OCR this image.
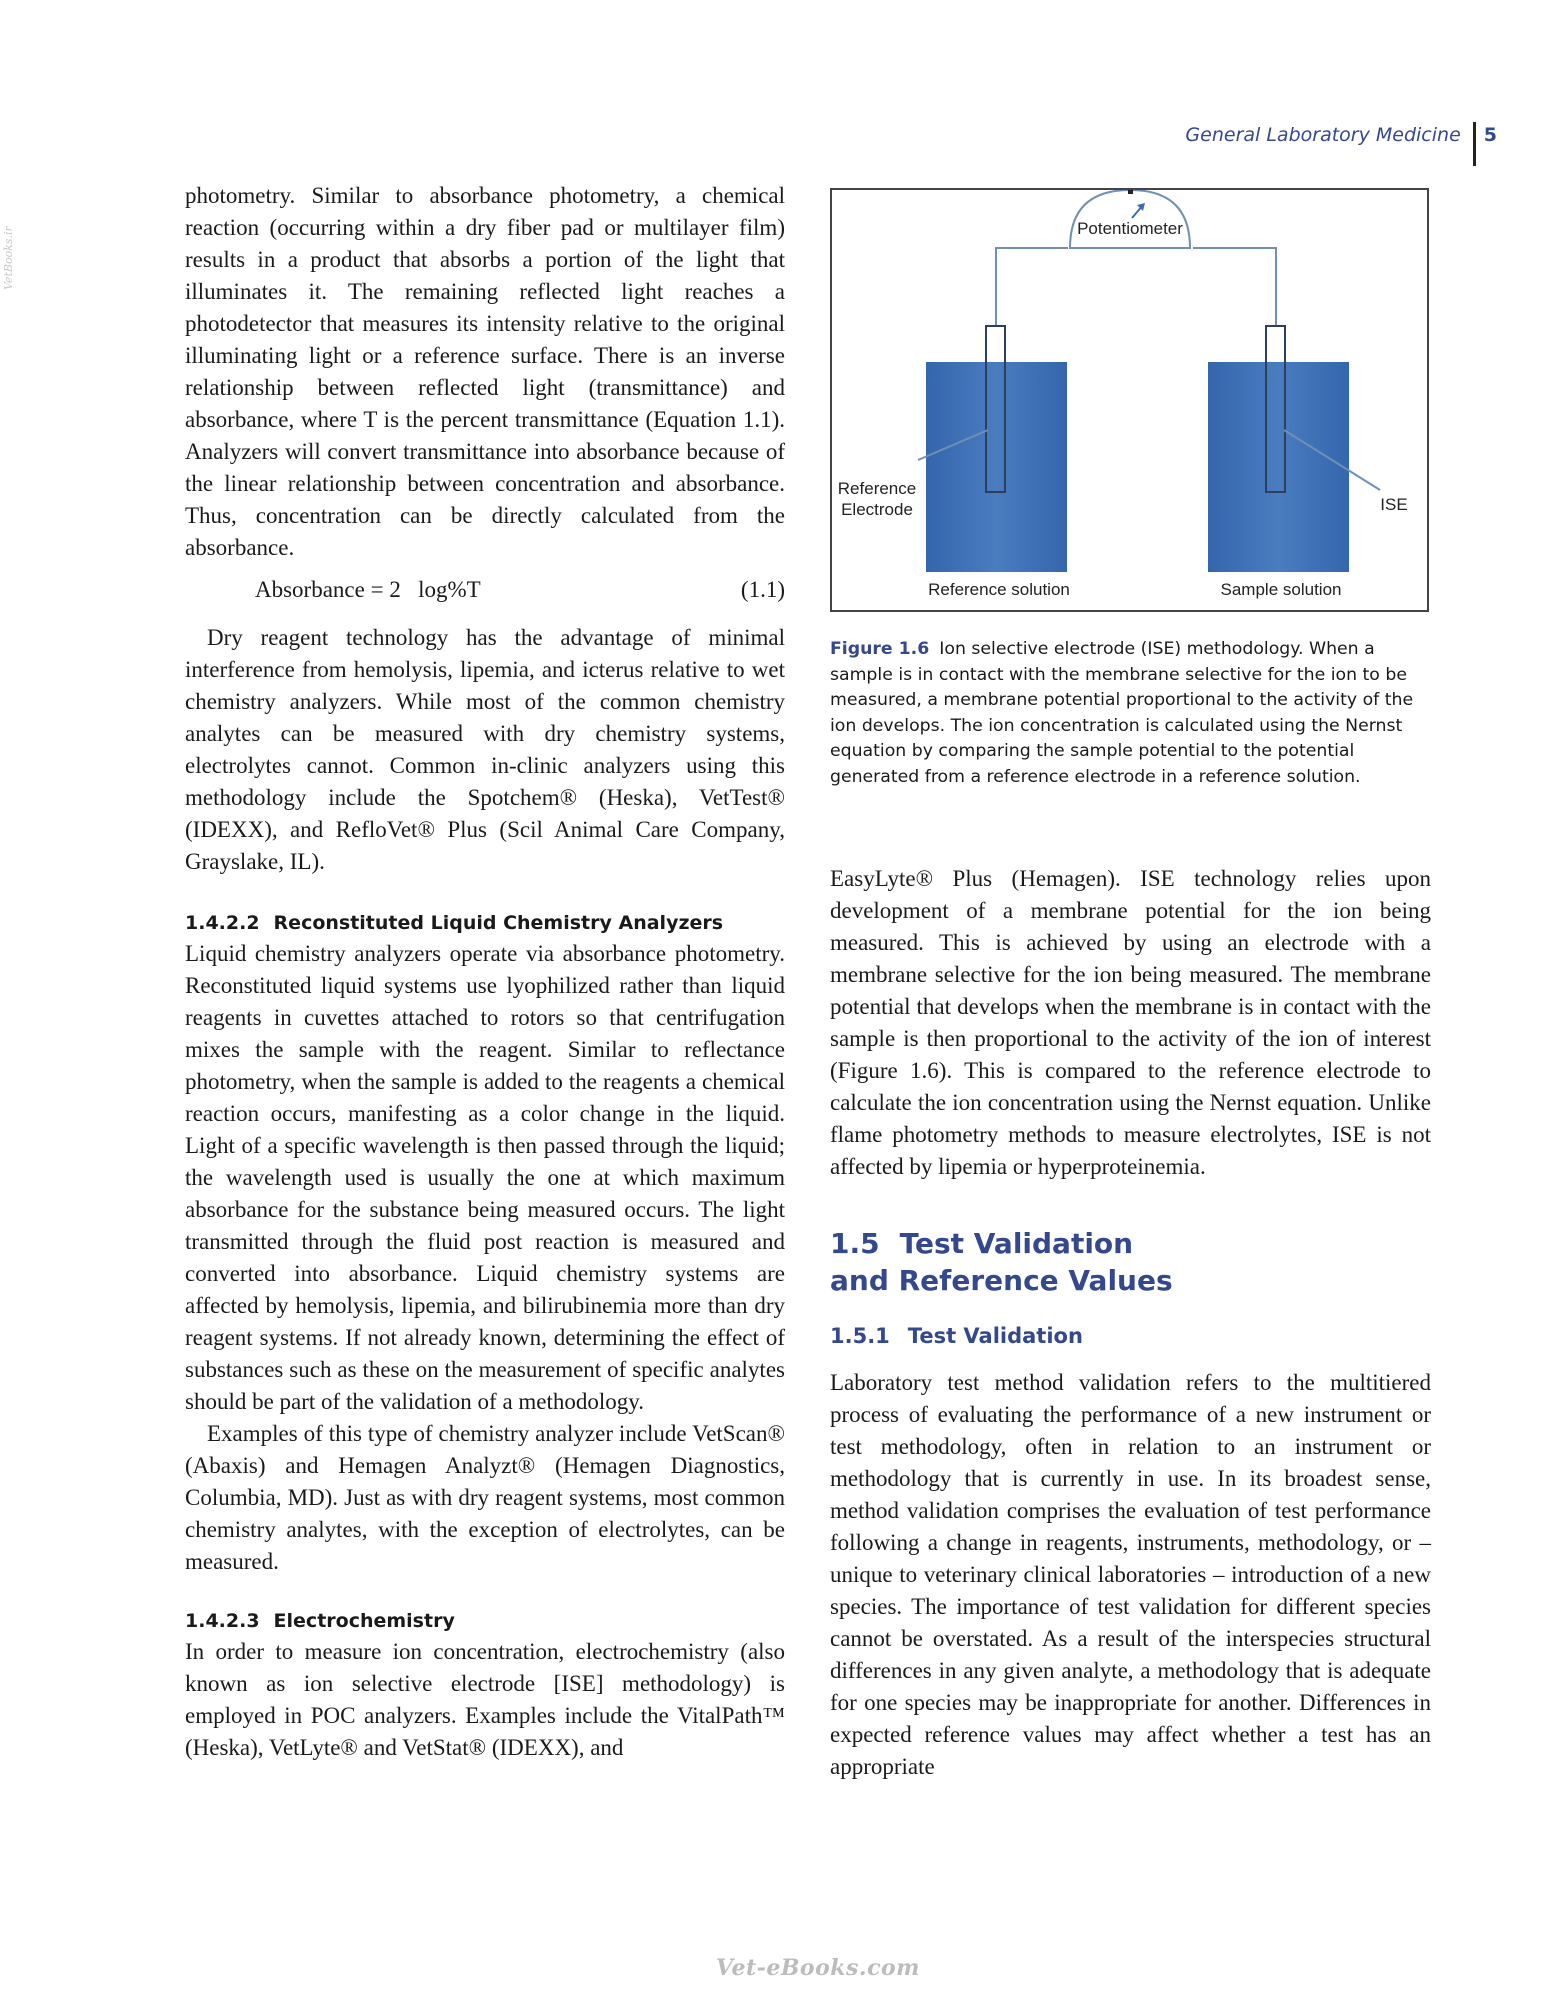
General Laboratory Medicine	5
VetBooks.ir

photometry. Similar to absorbance photometry, a chemical reaction (occurring within a dry fiber pad or multilayer film) results in a product that absorbs a portion of the light that illuminates it. The remaining reflected light reaches a photodetector that measures its intensity relative to the original illuminating light or a reference surface. There is an inverse relationship between reflected light (transmittance) and absorbance, where T is the percent transmittance (Equation 1.1). Analyzers will convert transmittance into absorbance because of the linear relationship between concentration and absorbance. Thus, concentration can be directly calculated from the absorbance.

Absorbance = 2   log%T	(1.1)

Dry reagent technology has the advantage of minimal interference from hemolysis, lipemia, and icterus relative to wet chemistry analyzers. While most of the common chemistry analytes can be measured with dry chemistry systems, electrolytes cannot. Common in-clinic analyzers using this methodology include the Spotchem® (Heska), VetTest® (IDEXX), and RefloVet® Plus (Scil Animal Care Company, Grayslake, IL).

1.4.2.2 Reconstituted Liquid Chemistry Analyzers

Liquid chemistry analyzers operate via absorbance photometry. Reconstituted liquid systems use lyophilized rather than liquid reagents in cuvettes attached to rotors so that centrifugation mixes the sample with the reagent. Similar to reflectance photometry, when the sample is added to the reagents a chemical reaction occurs, manifesting as a color change in the liquid. Light of a specific wavelength is then passed through the liquid; the wavelength used is usually the one at which maximum absorbance for the substance being measured occurs. The light transmitted through the fluid post reaction is measured and converted into absorbance. Liquid chemistry systems are affected by hemolysis, lipemia, and bilirubinemia more than dry reagent systems. If not already known, determining the effect of substances such as these on the measurement of specific analytes should be part of the validation of a methodology.

Examples of this type of chemistry analyzer include VetScan® (Abaxis) and Hemagen Analyzt® (Hemagen Diagnostics, Columbia, MD). Just as with dry reagent systems, most common chemistry analytes, with the exception of electrolytes, can be measured.

1.4.2.3 Electrochemistry

In order to measure ion concentration, electrochemistry (also known as ion selective electrode [ISE] methodology) is employed in POC analyzers. Examples include the VitalPath™ (Heska), VetLyte® and VetStat® (IDEXX), and

Potentiometer
Reference
Electrode	ISE
Reference solution	Sample solution
Figure 1.6 Ion selective electrode (ISE) methodology. When a sample is in contact with the membrane selective for the ion to be measured, a membrane potential proportional to the activity of the ion develops. The ion concentration is calculated using the Nernst equation by comparing the sample potential to the potential generated from a reference electrode in a reference solution.

EasyLyte® Plus (Hemagen). ISE technology relies upon development of a membrane potential for the ion being measured. This is achieved by using an electrode with a membrane selective for the ion being measured. The membrane potential that develops when the membrane is in contact with the sample is then proportional to the activity of the ion of interest (Figure 1.6). This is compared to the reference electrode to calculate the ion concentration using the Nernst equation. Unlike flame photometry methods to measure electrolytes, ISE is not affected by lipemia or hyperproteinemia.

1.5 Test Validation
and Reference Values
1.5.1 Test Validation

Laboratory test method validation refers to the multitiered process of evaluating the performance of a new instrument or test methodology, often in relation to an instrument or methodology that is currently in use. In its broadest sense, method validation comprises the evaluation of test performance following a change in reagents, instruments, methodology, or – unique to veterinary clinical laboratories – introduction of a new species. The importance of test validation for different species cannot be overstated. As a result of the interspecies structural differences in any given analyte, a methodology that is adequate for one species may be inappropriate for another. Differences in expected reference values may affect whether a test has an appropriate

Vet-eBooks.com
